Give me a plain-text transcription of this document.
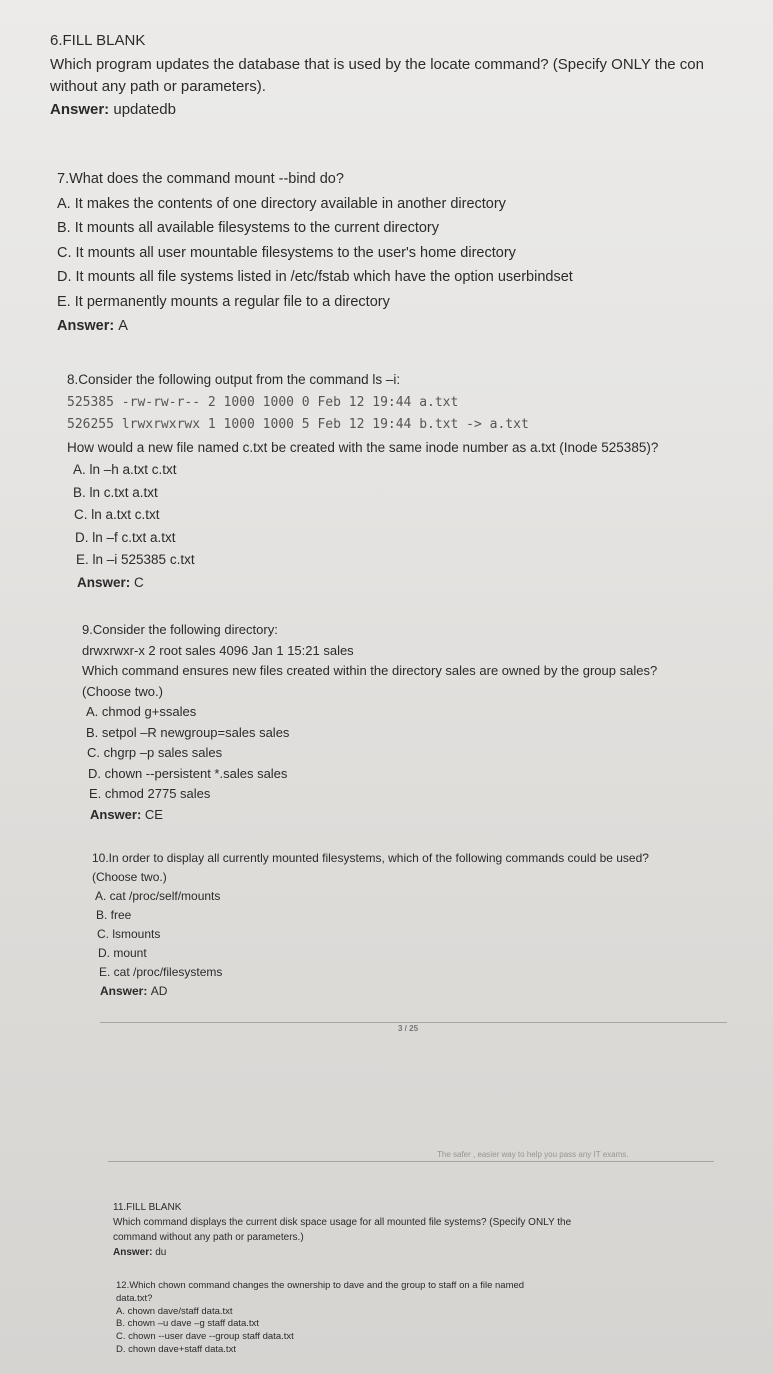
6.FILL BLANK
Which program updates the database that is used by the locate command? (Specify ONLY the con
without any path or parameters).
Answer: updatedb
7.What does the command mount --bind do?
A. It makes the contents of one directory available in another directory
B. It mounts all available filesystems to the current directory
C. It mounts all user mountable filesystems to the user's home directory
D. It mounts all file systems listed in /etc/fstab which have the option userbindset
E. It permanently mounts a regular file to a directory
Answer: A
8.Consider the following output from the command ls –i:
525385 -rw-rw-r-- 2 1000 1000 0 Feb 12 19:44 a.txt
526255 lrwxrwxrwx 1 1000 1000 5 Feb 12 19:44 b.txt -> a.txt
How would a new file named c.txt be created with the same inode number as a.txt (Inode 525385)?
A. ln –h a.txt c.txt
B. ln c.txt a.txt
C. ln a.txt c.txt
D. ln –f c.txt a.txt
E. ln –i 525385 c.txt
Answer: C
9.Consider the following directory:
drwxrwxr-x 2 root sales 4096 Jan 1 15:21 sales
Which command ensures new files created within the directory sales are owned by the group sales?
(Choose two.)
A. chmod g+ssales
B. setpol –R newgroup=sales sales
C. chgrp –p sales sales
D. chown --persistent *.sales sales
E. chmod 2775 sales
Answer: CE
10.In order to display all currently mounted filesystems, which of the following commands could be used?
(Choose two.)
A. cat /proc/self/mounts
B. free
C. lsmounts
D. mount
E. cat /proc/filesystems
Answer: AD
3 / 25
The safer , easier way to help you pass any IT exams.
11.FILL BLANK
Which command displays the current disk space usage for all mounted file systems? (Specify ONLY the
command without any path or parameters.)
Answer: du
12.Which chown command changes the ownership to dave and the group to staff on a file named
data.txt?
A. chown dave/staff data.txt
B. chown –u dave –g staff data.txt
C. chown --user dave --group staff data.txt
D. chown dave+staff data.txt
